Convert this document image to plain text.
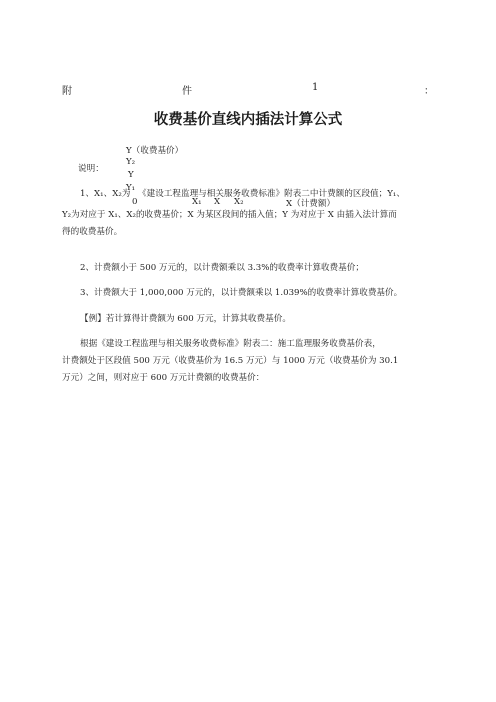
附	件	1	：
收费基价直线内插法计算公式
Y（收费基价）
Y₂
Y
Y₁
说明：
0	X₁ X X₂	X（计费额）
1、X₁、X₂为 《建设工程监理与相关服务收费标准》附表二中计费额的区段值；Y₁、
Y₂为对应于 X₁、X₂的收费基价；X 为某区段间的插入值；Y 为对应于 X 由插入法计算而
得的收费基价。
2、计费额小于 500 万元的，以计费额乘以 3.3%的收费率计算收费基价；
3、计费额大于 1,000,000 万元的，以计费额乘以 1.039%的收费率计算收费基价。
【例】若计算得计费额为 600 万元，计算其收费基价。
根据《建设工程监理与相关服务收费标准》附表二：施工监理服务收费基价表，
计费额处于区段值 500 万元（收费基价为 16.5 万元）与 1000 万元（收费基价为 30.1
万元）之间，则对应于 600 万元计费额的收费基价：
